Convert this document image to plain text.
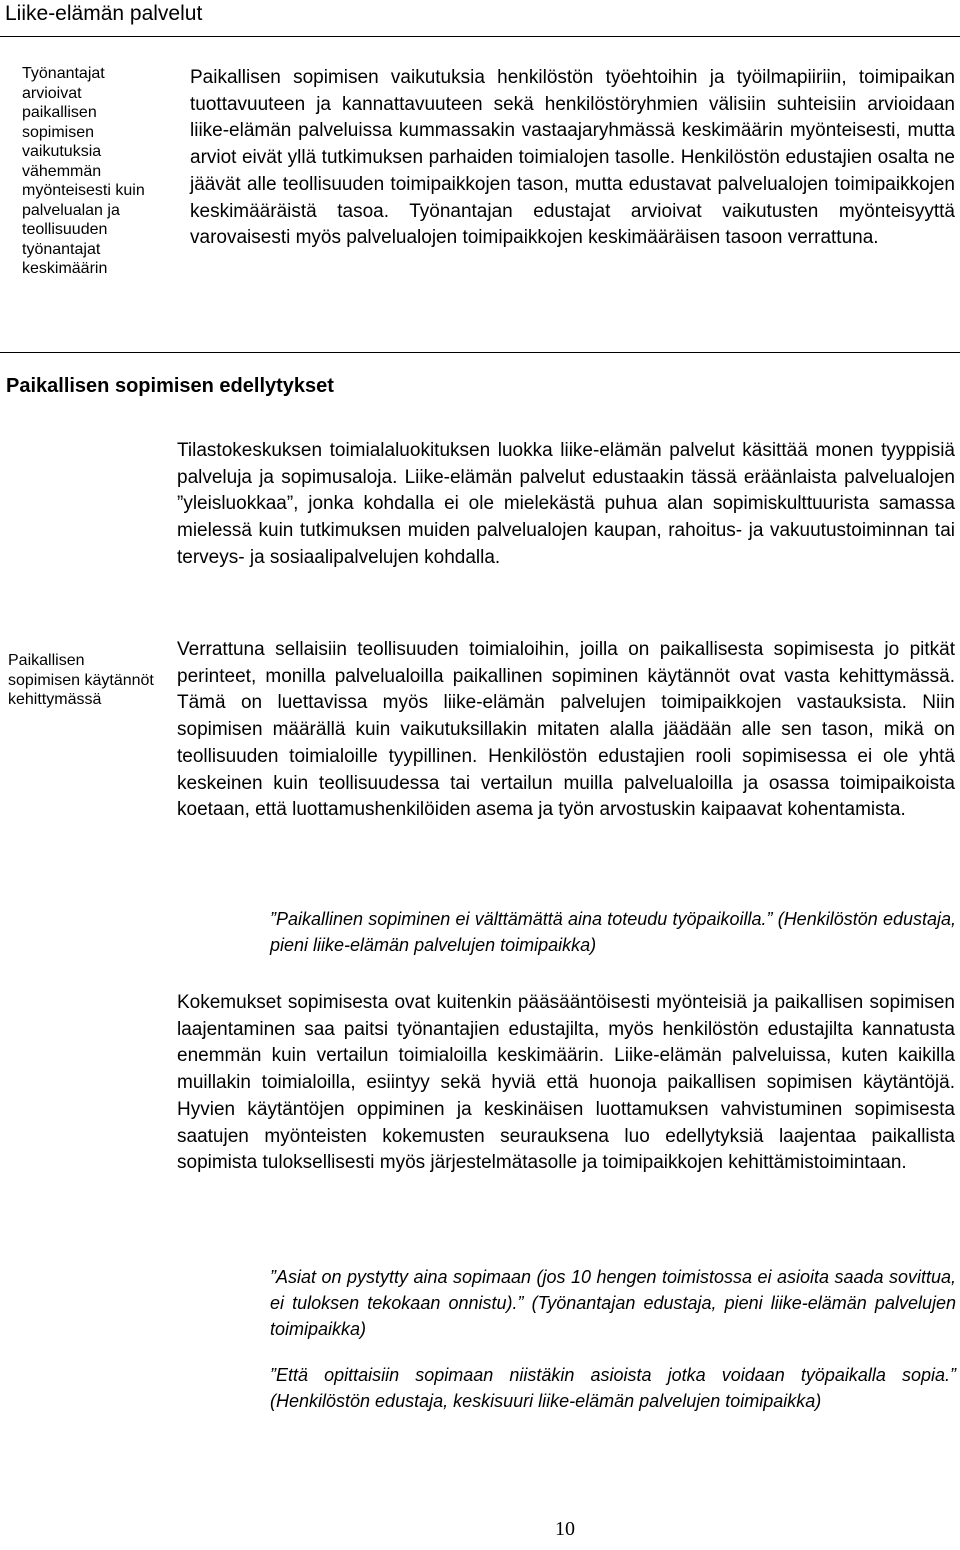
Liike-elämän palvelut
Työnantajat arvioivat paikallisen sopimisen vaikutuksia vähemmän myönteisesti kuin palvelualan ja teollisuuden työnantajat keskimäärin
Paikallisen sopimisen vaikutuksia henkilöstön työehtoihin ja työilmapiiriin, toimipaikan tuottavuuteen ja kannattavuuteen sekä henkilöstöryhmien välisiin suhteisiin arvioidaan liike-elämän palveluissa kummassakin vastaajaryhmässä keskimäärin myönteisesti, mutta arviot eivät yllä tutkimuksen parhaiden toimialojen tasolle. Henkilöstön edustajien osalta ne jäävät alle teollisuuden toimipaikkojen tason, mutta edustavat palvelualojen toimipaikkojen keskimääräistä tasoa. Työnantajan edustajat arvioivat vaikutusten myönteisyyttä varovaisesti myös palvelualojen toimipaikkojen keskimääräisen tasoon verrattuna.
Paikallisen sopimisen edellytykset
Tilastokeskuksen toimialaluokituksen luokka liike-elämän palvelut käsittää monen tyyppisiä palveluja ja sopimusaloja. Liike-elämän palvelut edustaakin tässä eräänlaista palvelualojen ”yleisluokkaa”, jonka kohdalla ei ole mielekästä puhua alan sopimiskulttuurista samassa mielessä kuin tutkimuksen muiden palvelualojen kaupan, rahoitus- ja vakuutustoiminnan tai terveys- ja sosiaalipalvelujen kohdalla.
Paikallisen sopimisen käytännöt kehittymässä
Verrattuna sellaisiin teollisuuden toimialoihin, joilla on paikallisesta sopimisesta jo pitkät perinteet, monilla palvelualoilla paikallinen sopiminen käytännöt ovat vasta kehittymässä. Tämä on luettavissa myös liike-elämän palvelujen toimipaikkojen vastauksista. Niin sopimisen määrällä kuin vaikutuksillakin mitaten alalla jäädään alle sen tason, mikä on teollisuuden toimialoille tyypillinen. Henkilöstön edustajien rooli sopimisessa ei ole yhtä keskeinen kuin teollisuudessa tai vertailun muilla palvelualoilla ja osassa toimipaikoista koetaan, että luottamushenkilöiden asema ja työn arvostuskin kaipaavat kohentamista.
”Paikallinen sopiminen ei välttämättä aina toteudu työpaikoilla.” (Henkilöstön edustaja, pieni liike-elämän palvelujen toimipaikka)
Kokemukset sopimisesta ovat kuitenkin pääsääntöisesti myönteisiä ja paikallisen sopimisen laajentaminen saa paitsi työnantajien edustajilta, myös henkilöstön edustajilta kannatusta enemmän kuin vertailun toimialoilla keskimäärin. Liike-elämän palveluissa, kuten kaikilla muillakin toimialoilla, esiintyy sekä hyviä että huonoja paikallisen sopimisen käytäntöjä. Hyvien käytäntöjen oppiminen ja keskinäisen luottamuksen vahvistuminen sopimisesta saatujen myönteisten kokemusten seurauksena luo edellytyksiä laajentaa paikallista sopimista tuloksellisesti myös järjestelmätasolle ja toimipaikkojen kehittämistoimintaan.
”Asiat on pystytty aina sopimaan (jos 10 hengen toimistossa ei asioita saada sovittua, ei tuloksen tekokaan onnistu).” (Työnantajan edustaja, pieni liike-elämän palvelujen toimipaikka)
”Että opittaisiin sopimaan niistäkin asioista jotka voidaan työpaikalla sopia.” (Henkilöstön edustaja, keskisuuri liike-elämän palvelujen toimipaikka)
10
